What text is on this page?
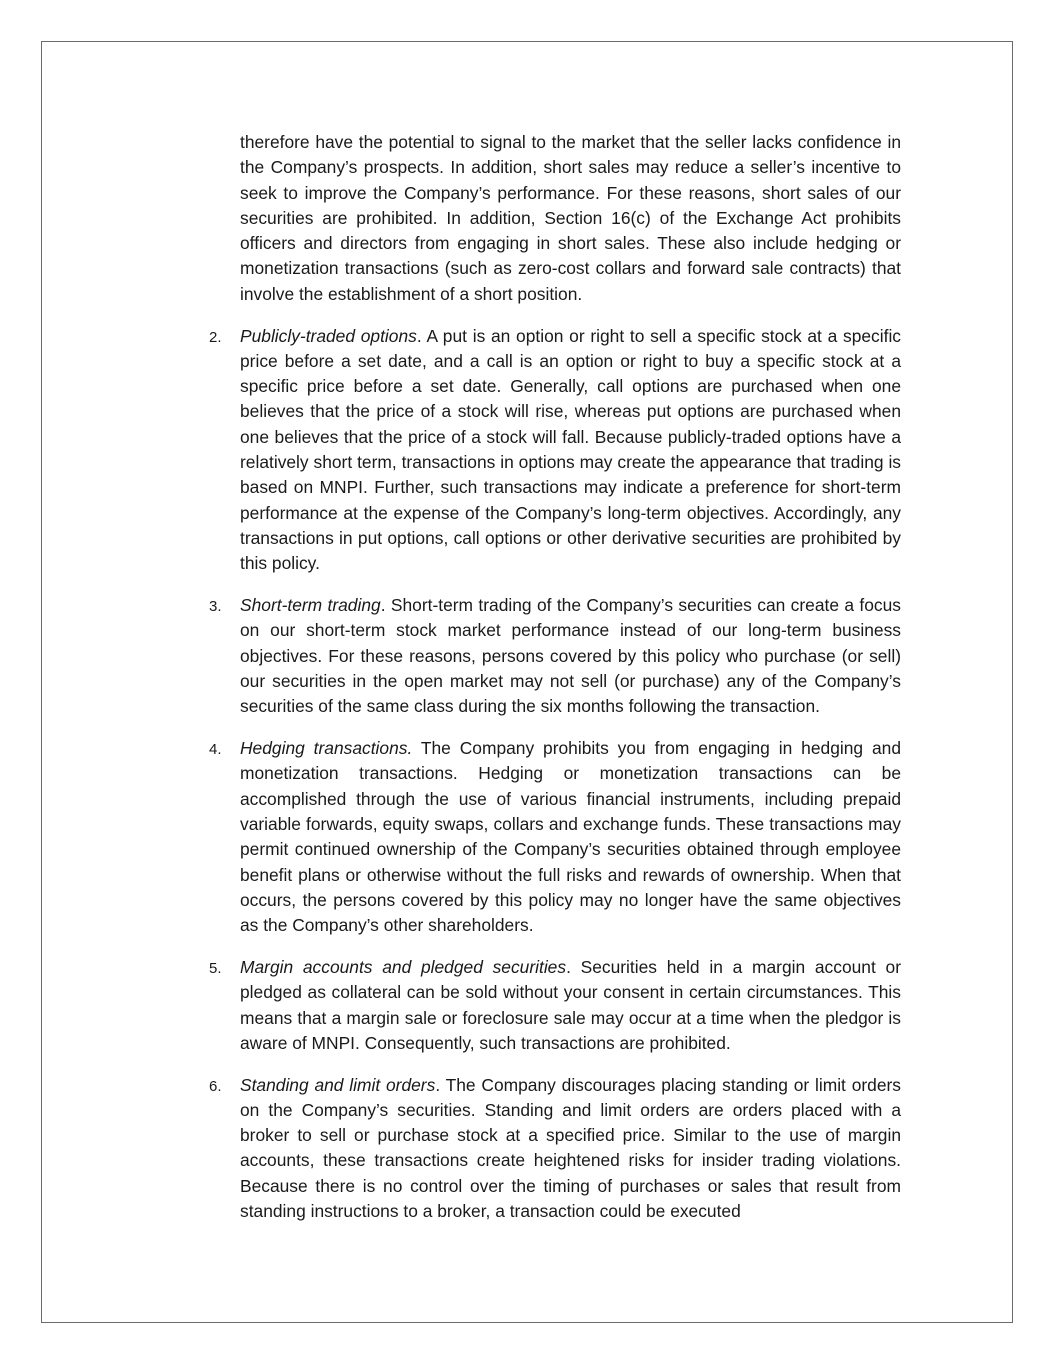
therefore have the potential to signal to the market that the seller lacks confidence in the Company’s prospects. In addition, short sales may reduce a seller’s incentive to seek to improve the Company’s performance. For these reasons, short sales of our securities are prohibited. In addition, Section 16(c) of the Exchange Act prohibits officers and directors from engaging in short sales. These also include hedging or monetization transactions (such as zero-cost collars and forward sale contracts) that involve the establishment of a short position.

2. Publicly-traded options. A put is an option or right to sell a specific stock at a specific price before a set date, and a call is an option or right to buy a specific stock at a specific price before a set date. Generally, call options are purchased when one believes that the price of a stock will rise, whereas put options are purchased when one believes that the price of a stock will fall. Because publicly-traded options have a relatively short term, transactions in options may create the appearance that trading is based on MNPI. Further, such transactions may indicate a preference for short-term performance at the expense of the Company’s long-term objectives. Accordingly, any transactions in put options, call options or other derivative securities are prohibited by this policy.

3. Short-term trading. Short-term trading of the Company’s securities can create a focus on our short-term stock market performance instead of our long-term business objectives. For these reasons, persons covered by this policy who purchase (or sell) our securities in the open market may not sell (or purchase) any of the Company’s securities of the same class during the six months following the transaction.

4. Hedging transactions. The Company prohibits you from engaging in hedging and monetization transactions. Hedging or monetization transactions can be accomplished through the use of various financial instruments, including prepaid variable forwards, equity swaps, collars and exchange funds. These transactions may permit continued ownership of the Company’s securities obtained through employee benefit plans or otherwise without the full risks and rewards of ownership. When that occurs, the persons covered by this policy may no longer have the same objectives as the Company’s other shareholders.

5. Margin accounts and pledged securities. Securities held in a margin account or pledged as collateral can be sold without your consent in certain circumstances. This means that a margin sale or foreclosure sale may occur at a time when the pledgor is aware of MNPI. Consequently, such transactions are prohibited.

6. Standing and limit orders. The Company discourages placing standing or limit orders on the Company’s securities. Standing and limit orders are orders placed with a broker to sell or purchase stock at a specified price. Similar to the use of margin accounts, these transactions create heightened risks for insider trading violations. Because there is no control over the timing of purchases or sales that result from standing instructions to a broker, a transaction could be executed
